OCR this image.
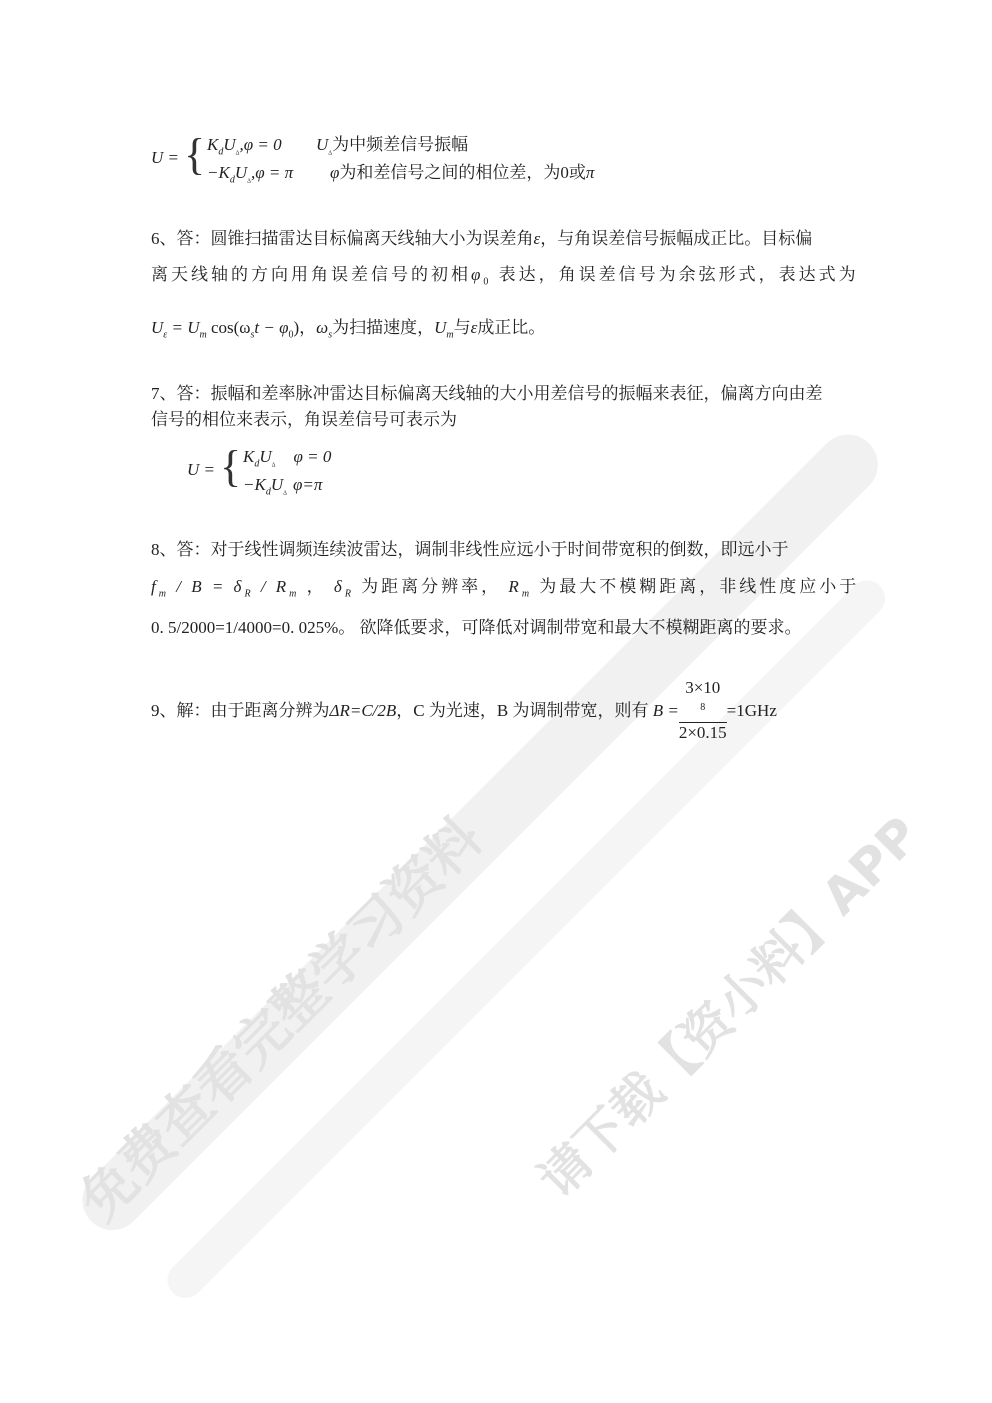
免费查看完整学习资料 请下载【资小料】APP
U = { $K_dU_\Delta,\varphi = 0$
$-K_dU_\Delta,\varphi = \pi$
$U_\Delta$为中频差信号振幅
φ为和差信号之间的相位差，为0或π
6、答：圆锥扫描雷达目标偏离天线轴大小为误差角ε，与角误差信号振幅成正比。目标偏
离天线轴的方向用角误差信号的初相$\varphi_0$ 表达，角误差信号为余弦形式，表达式为
$U_\varepsilon = U_m$ $\cos(\omega_st - \varphi_0)$，$\omega_s$为扫描速度，$U_m$与ε成正比。
7、答：振幅和差率脉冲雷达目标偏离天线轴的大小用差信号的振幅来表征，偏离方向由差
信号的相位来表示，角误差信号可表示为
U = { $K_dU_\Delta$ φ = 0
$-K_dU_\Delta$ φ=π
8、答：对于线性调频连续波雷达，调制非线性应远小于时间带宽积的倒数，即远小于
$f_m / B = \delta_R / R_m$ ， $\delta_R$ 为距离分辨率， $R_m$ 为最大不模糊距离，非线性度应小于
0. 5/2000=1/4000=0. 025%。 欲降低要求，可降低对调制带宽和最大不模糊距离的要求。
9、解：由于距离分辨为ΔR=C/2B，C 为光速，B 为调制带宽，则有 B = 3×10
$^8$
2×0.15 =1GHz
